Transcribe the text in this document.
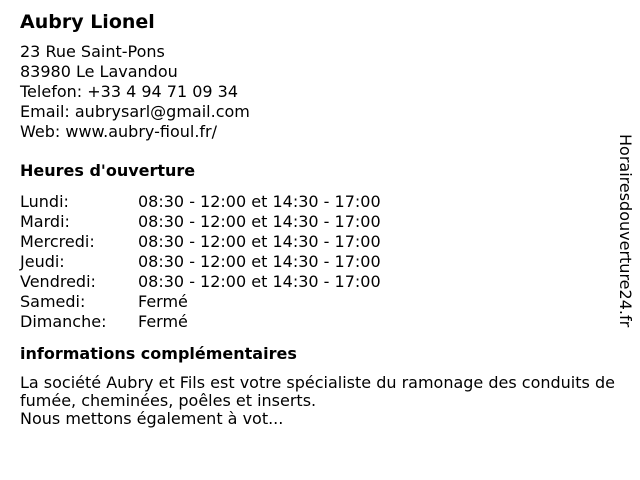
Aubry Lionel
23 Rue Saint-Pons
83980 Le Lavandou
Telefon: +33 4 94 71 09 34
Email: aubrysarl@gmail.com
Web: www.aubry-fioul.fr/
Heures d'ouverture
Lundi:	08:30 - 12:00 et 14:30 - 17:00
Mardi:	08:30 - 12:00 et 14:30 - 17:00
Mercredi:	08:30 - 12:00 et 14:30 - 17:00
Jeudi:	08:30 - 12:00 et 14:30 - 17:00
Vendredi:	08:30 - 12:00 et 14:30 - 17:00
Samedi:	Fermé
Dimanche:	Fermé
informations complémentaires

La société Aubry et Fils est votre spécialiste du ramonage des conduits de fumée, cheminées, poêles et inserts.

Nous mettons également à vot...

Horairesdouverture24.fr
